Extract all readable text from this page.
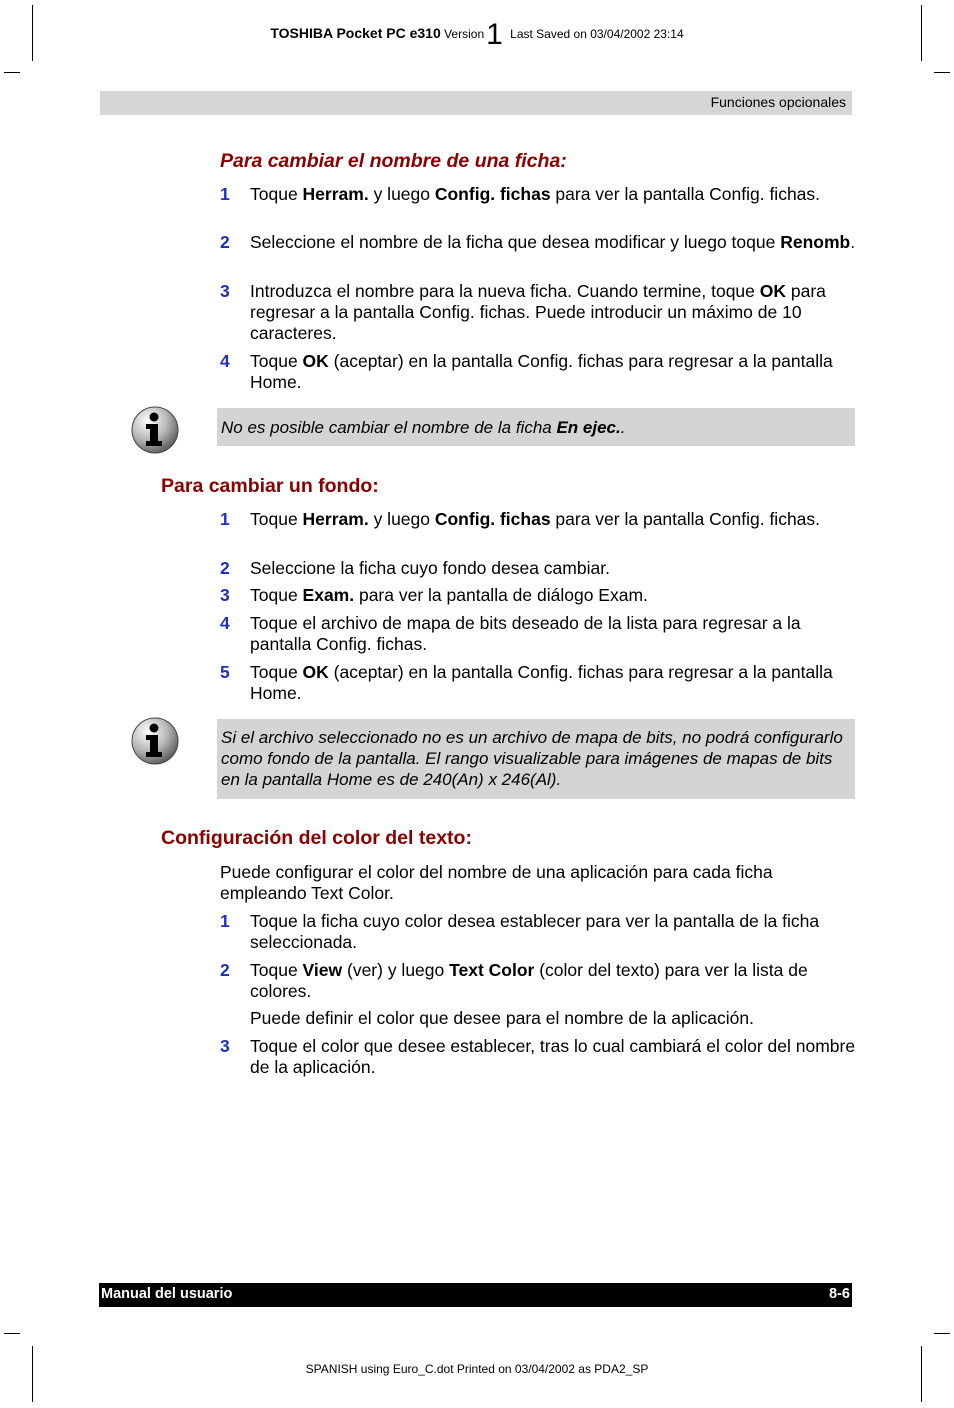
TOSHIBA Pocket PC e310 Version1 Last Saved on 03/04/2002 23:14
Funciones opcionales
Para cambiar el nombre de una ficha:
1 Toque Herram. y luego Config. fichas para ver la pantalla Config. fichas.
2 Seleccione el nombre de la ficha que desea modificar y luego toque Renomb.
3 Introduzca el nombre para la nueva ficha. Cuando termine, toque OK para regresar a la pantalla Config. fichas. Puede introducir un máximo de 10 caracteres.
4 Toque OK (aceptar) en la pantalla Config. fichas para regresar a la pantalla Home.
No es posible cambiar el nombre de la ficha En ejec..
Para cambiar un fondo:
1 Toque Herram. y luego Config. fichas para ver la pantalla Config. fichas.
2 Seleccione la ficha cuyo fondo desea cambiar.
3 Toque Exam. para ver la pantalla de diálogo Exam.
4 Toque el archivo de mapa de bits deseado de la lista para regresar a la pantalla Config. fichas.
5 Toque OK (aceptar) en la pantalla Config. fichas para regresar a la pantalla Home.
Si el archivo seleccionado no es un archivo de mapa de bits, no podrá configurarlo como fondo de la pantalla. El rango visualizable para imágenes de mapas de bits en la pantalla Home es de 240(An) x 246(Al).
Configuración del color del texto:
Puede configurar el color del nombre de una aplicación para cada ficha empleando Text Color.
1 Toque la ficha cuyo color desea establecer para ver la pantalla de la ficha seleccionada.
2 Toque View (ver) y luego Text Color (color del texto) para ver la lista de colores.
Puede definir el color que desee para el nombre de la aplicación.
3 Toque el color que desee establecer, tras lo cual cambiará el color del nombre de la aplicación.
Manual del usuario	8-6
SPANISH using Euro_C.dot Printed on 03/04/2002 as PDA2_SP
